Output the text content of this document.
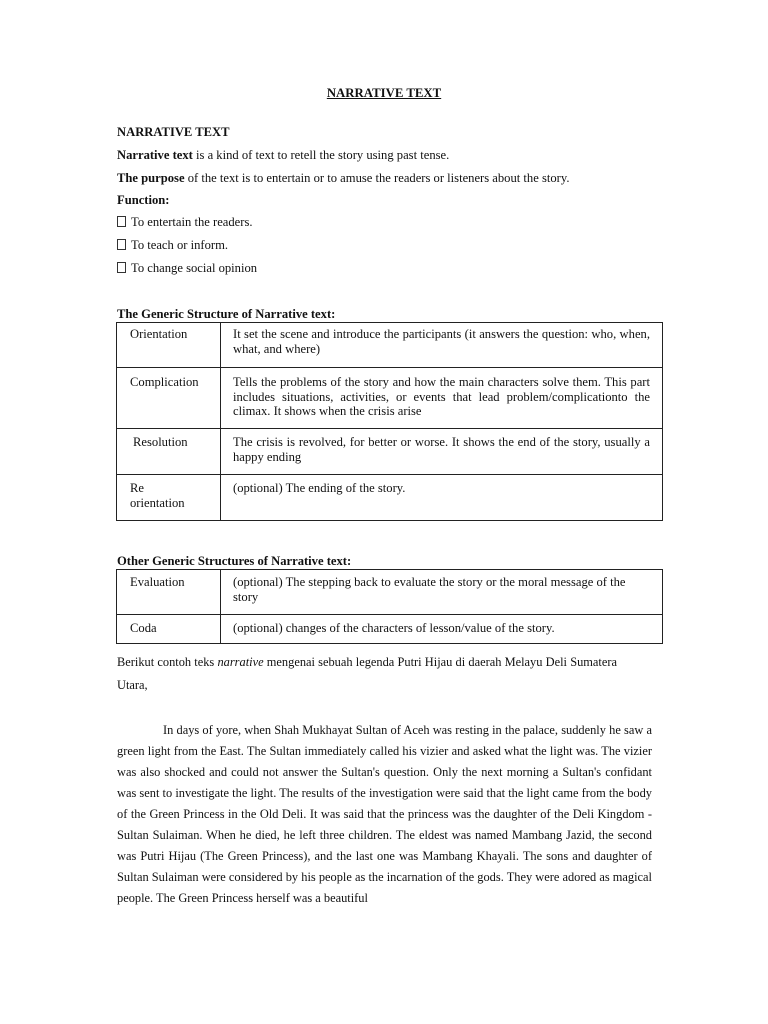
NARRATIVE TEXT
NARRATIVE TEXT
Narrative text is a kind of text to retell the story using past tense.
The purpose of the text is to entertain or to amuse the readers or listeners about the story.
Function:
To entertain the readers.
To teach or inform.
To change social opinion
The Generic Structure of Narrative text:
Orientation	It set the scene and introduce the participants (it answers the question: who, when, what, and where)
Complication	Tells the problems of the story and how the main characters solve them. This part includes situations, activities, or events that lead problem/complicationto the climax. It shows when the crisis arise
Resolution	The crisis is revolved, for better or worse. It shows the end of the story, usually a happy ending
Re orientation	(optional) The ending of the story.
Other Generic Structures of Narrative text:
Evaluation	(optional) The stepping back to evaluate the story or the moral message of the story
Coda	(optional) changes of the characters of lesson/value of the story.
Berikut contoh teks narrative mengenai sebuah legenda Putri Hijau di daerah Melayu Deli Sumatera Utara,

In days of yore, when Shah Mukhayat Sultan of Aceh was resting in the palace, suddenly he saw a green light from the East. The Sultan immediately called his vizier and asked what the light was. The vizier was also shocked and could not answer the Sultan's question. Only the next morning a Sultan's confidant was sent to investigate the light. The results of the investigation were said that the light came from the body of the Green Princess in the Old Deli. It was said that the princess was the daughter of the Deli Kingdom - Sultan Sulaiman. When he died, he left three children. The eldest was named Mambang Jazid, the second was Putri Hijau (The Green Princess), and the last one was Mambang Khayali. The sons and daughter of Sultan Sulaiman were considered by his people as the incarnation of the gods. They were adored as magical people. The Green Princess herself was a beautiful
